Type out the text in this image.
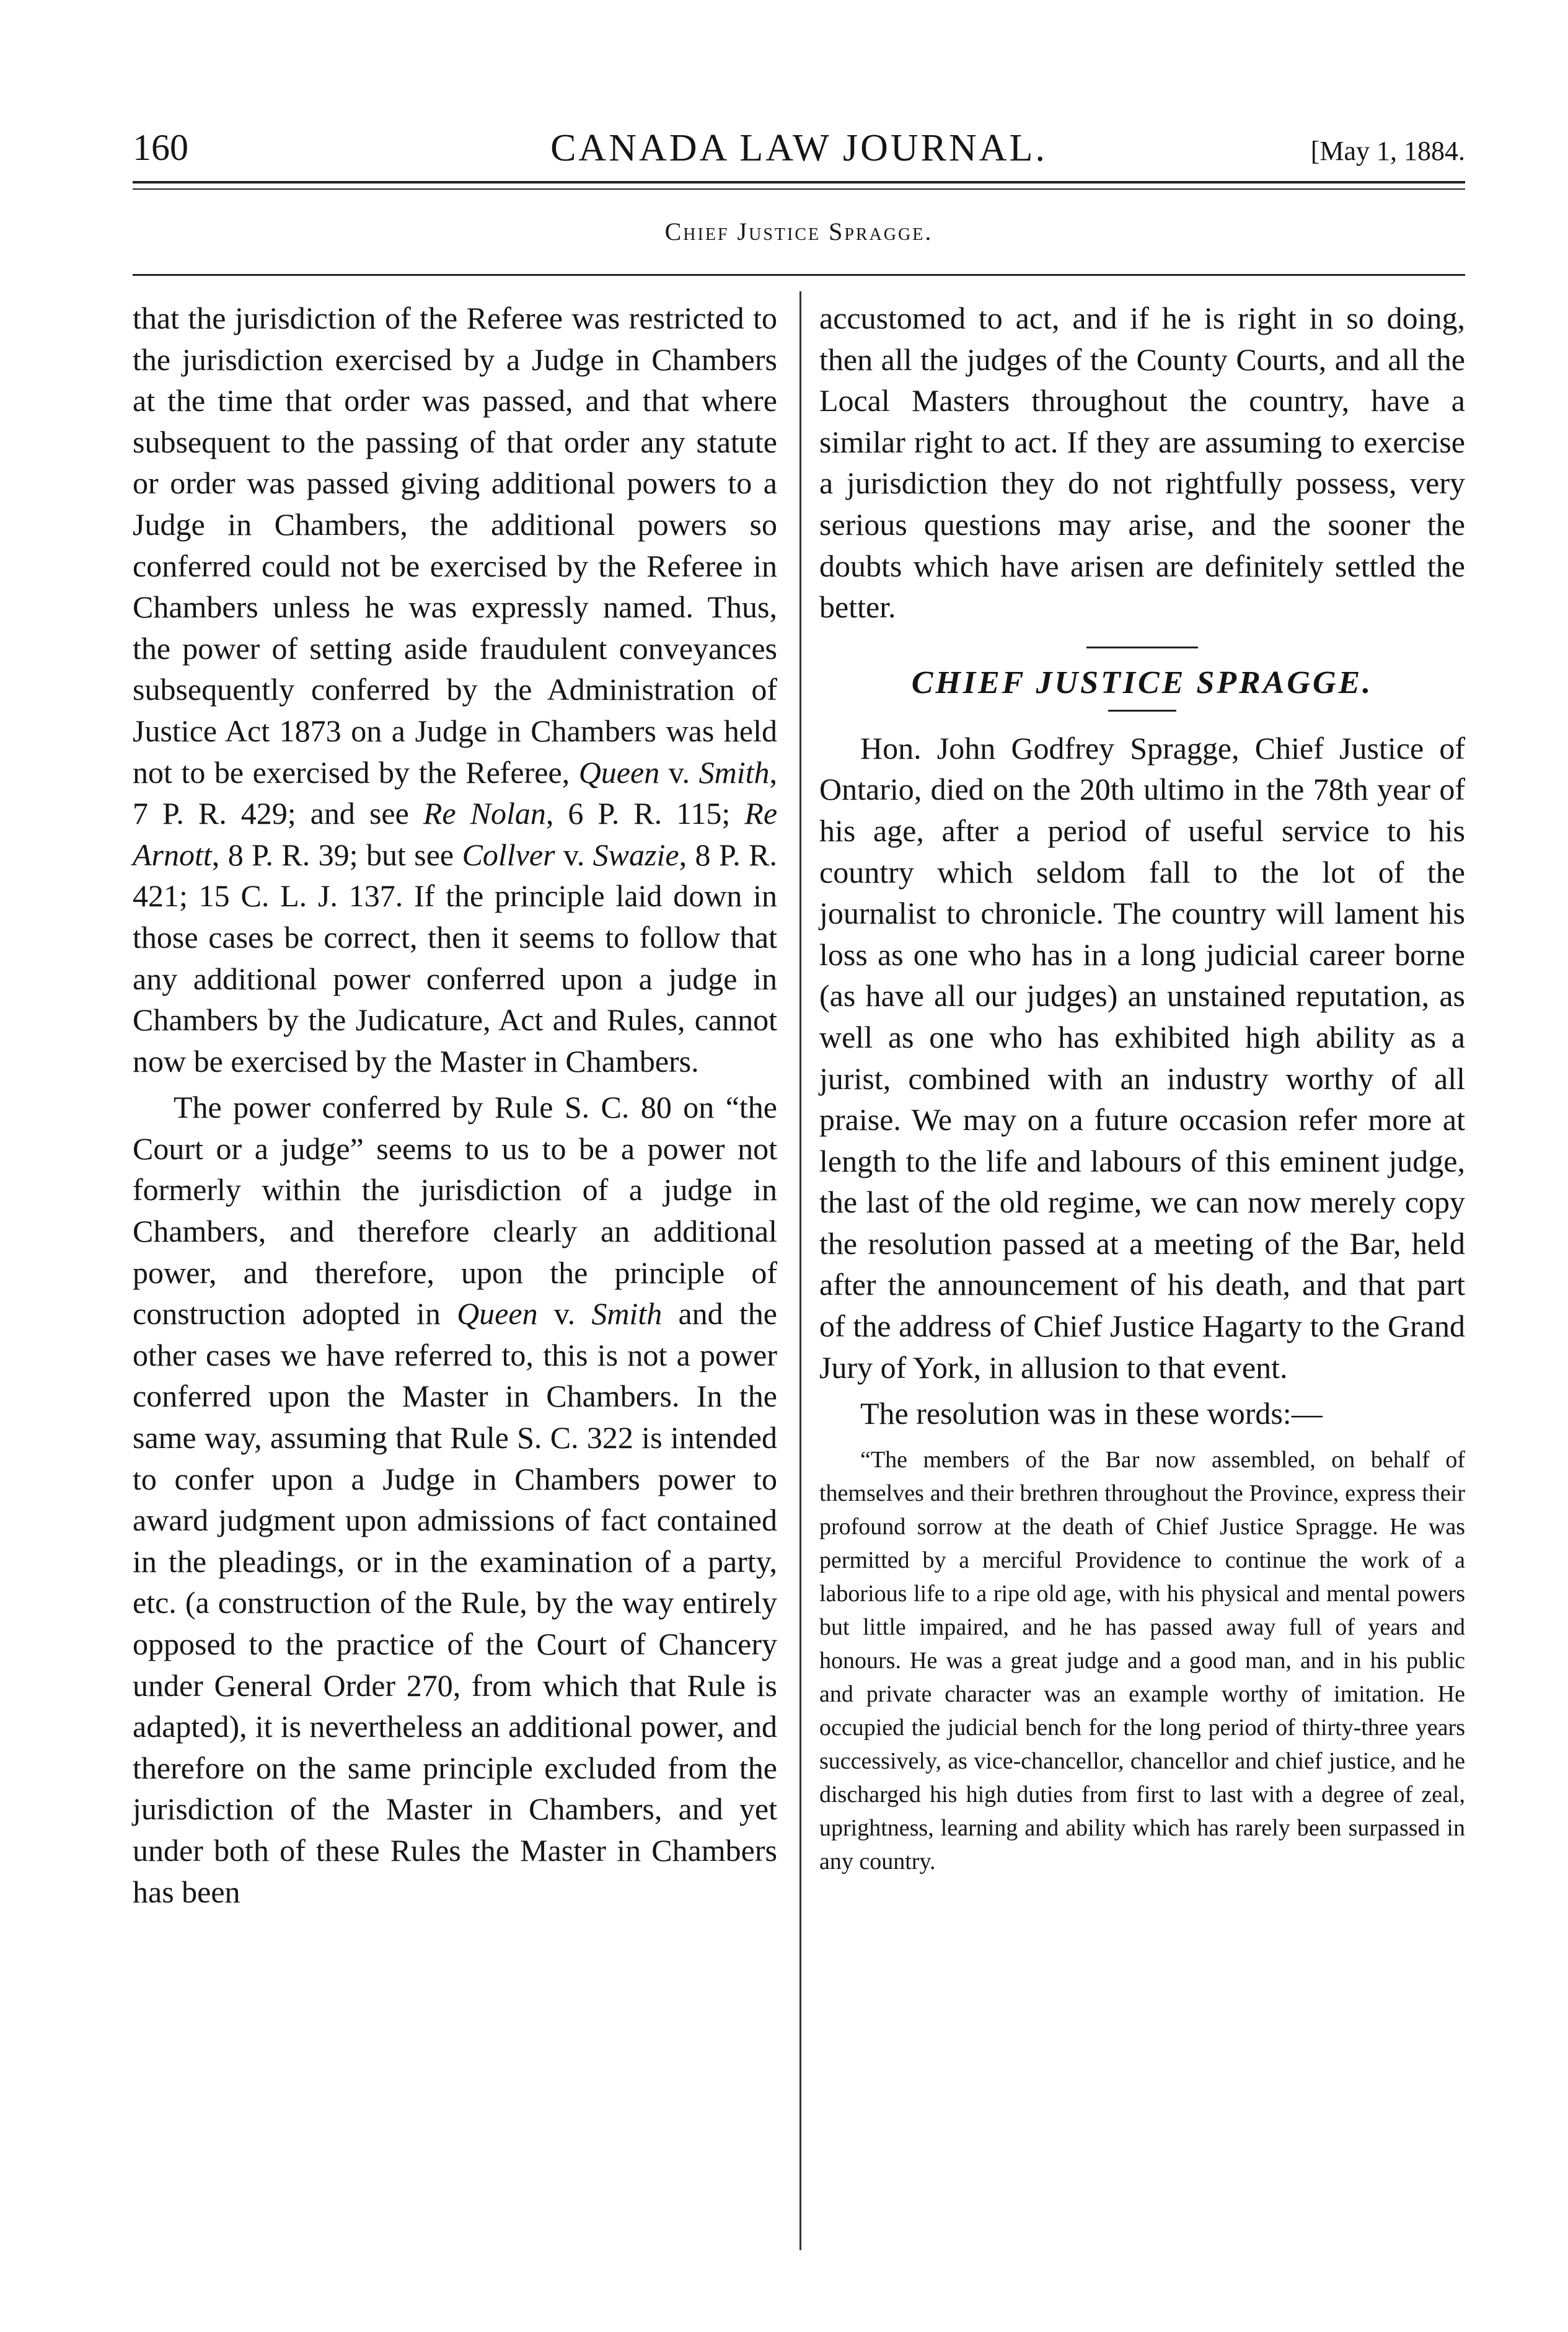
160	CANADA LAW JOURNAL.	[May 1, 1884.
Chief Justice Spragge.

that the jurisdiction of the Referee was restricted to the jurisdiction exercised by a Judge in Chambers at the time that order was passed, and that where subsequent to the passing of that order any statute or order was passed giving additional powers to a Judge in Chambers, the additional powers so conferred could not be exercised by the Referee in Chambers unless he was expressly named. Thus, the power of setting aside fraudulent conveyances subsequently conferred by the Administration of Justice Act 1873 on a Judge in Chambers was held not to be exercised by the Referee, Queen v. Smith, 7 P. R. 429; and see Re Nolan, 6 P. R. 115; Re Arnott, 8 P. R. 39; but see Collver v. Swazie, 8 P. R. 421; 15 C. L. J. 137. If the principle laid down in those cases be correct, then it seems to follow that any additional power conferred upon a judge in Chambers by the Judicature, Act and Rules, cannot now be exercised by the Master in Chambers.

The power conferred by Rule S. C. 80 on “the Court or a judge” seems to us to be a power not formerly within the jurisdiction of a judge in Chambers, and therefore clearly an additional power, and therefore, upon the principle of construction adopted in Queen v. Smith and the other cases we have referred to, this is not a power conferred upon the Master in Chambers. In the same way, assuming that Rule S. C. 322 is intended to confer upon a Judge in Chambers power to award judgment upon admissions of fact contained in the pleadings, or in the examination of a party, etc. (a construction of the Rule, by the way entirely opposed to the practice of the Court of Chancery under General Order 270, from which that Rule is adapted), it is nevertheless an additional power, and therefore on the same principle excluded from the jurisdiction of the Master in Chambers, and yet under both of these Rules the Master in Chambers has been

accustomed to act, and if he is right in so doing, then all the judges of the County Courts, and all the Local Masters throughout the country, have a similar right to act. If they are assuming to exercise a jurisdiction they do not rightfully possess, very serious questions may arise, and the sooner the doubts which have arisen are definitely settled the better.

CHIEF JUSTICE SPRAGGE.

Hon. John Godfrey Spragge, Chief Justice of Ontario, died on the 20th ultimo in the 78th year of his age, after a period of useful service to his country which seldom fall to the lot of the journalist to chronicle. The country will lament his loss as one who has in a long judicial career borne (as have all our judges) an unstained reputation, as well as one who has exhibited high ability as a jurist, combined with an industry worthy of all praise. We may on a future occasion refer more at length to the life and labours of this eminent judge, the last of the old regime, we can now merely copy the resolution passed at a meeting of the Bar, held after the announcement of his death, and that part of the address of Chief Justice Hagarty to the Grand Jury of York, in allusion to that event.

The resolution was in these words:—

“The members of the Bar now assembled, on behalf of themselves and their brethren throughout the Province, express their profound sorrow at the death of Chief Justice Spragge. He was permitted by a merciful Providence to continue the work of a laborious life to a ripe old age, with his physical and mental powers but little impaired, and he has passed away full of years and honours. He was a great judge and a good man, and in his public and private character was an example worthy of imitation. He occupied the judicial bench for the long period of thirty-three years successively, as vice-chancellor, chancellor and chief justice, and he discharged his high duties from first to last with a degree of zeal, uprightness, learning and ability which has rarely been surpassed in any country.
